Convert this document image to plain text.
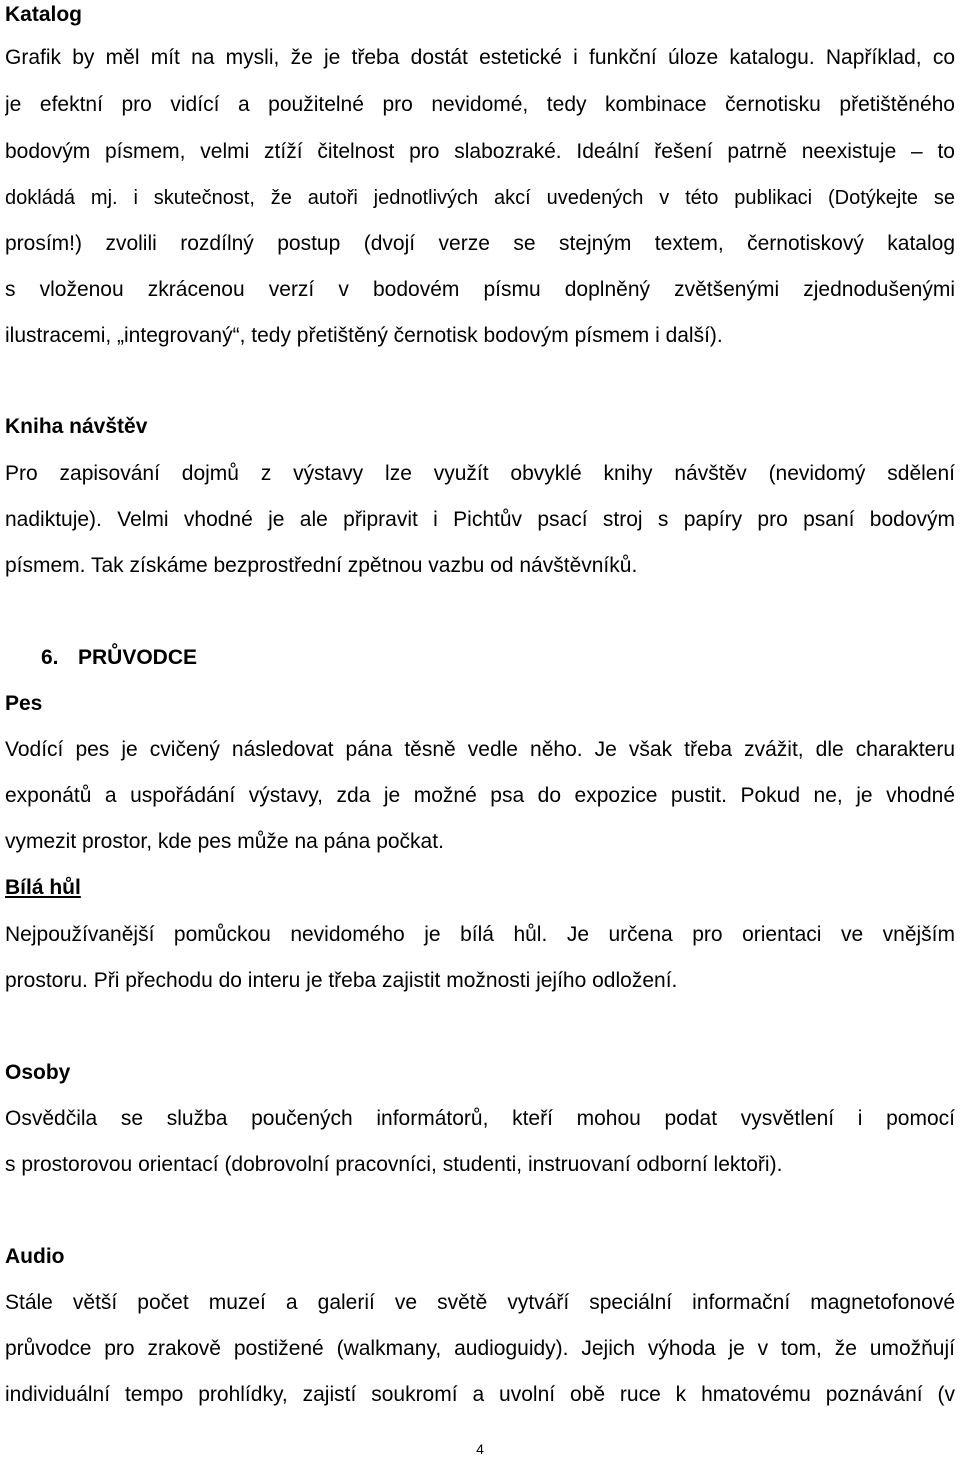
Katalog
Grafik by měl mít na mysli, že je třeba dostát estetické i funkční úloze katalogu. Například, co
je efektní pro vidící a použitelné pro nevidomé, tedy kombinace černotisku přetištěného
bodovým písmem, velmi ztíží čitelnost pro slabozraké. Ideální řešení patrně neexistuje – to
dokládá mj. i skutečnost, že autoři jednotlivých akcí uvedených v této publikaci (Dotýkejte se
prosím!) zvolili rozdílný postup (dvojí verze se stejným textem, černotiskový katalog
s vloženou zkrácenou verzí v bodovém písmu doplněný zvětšenými zjednodušenými
ilustracemi, „integrovaný“, tedy přetištěný černotisk bodovým písmem i další).
Kniha návštěv
Pro zapisování dojmů z výstavy lze využít obvyklé knihy návštěv (nevidomý sdělení
nadiktuje). Velmi vhodné je ale připravit i Pichtův psací stroj s papíry pro psaní bodovým
písmem. Tak získáme bezprostřední zpětnou vazbu od návštěvníků.
6. PRŮVODCE
Pes
Vodící pes je cvičený následovat pána těsně vedle něho. Je však třeba zvážit, dle charakteru
exponátů a uspořádání výstavy, zda je možné psa do expozice pustit. Pokud ne, je vhodné
vymezit prostor, kde pes může na pána počkat.
Bílá hůl
Nejpoužívanější pomůckou nevidomého je bílá hůl. Je určena pro orientaci ve vnějším
prostoru. Při přechodu do interu je třeba zajistit možnosti jejího odložení.
Osoby
Osvědčila se služba poučených informátorů, kteří mohou podat vysvětlení i pomocí
s prostorovou orientací (dobrovolní pracovníci, studenti, instruovaní odborní lektoři).
Audio
Stále větší počet muzeí a galerií ve světě vytváří speciální informační magnetofonové
průvodce pro zrakově postižené (walkmany, audioguidy). Jejich výhoda je v tom, že umožňují
individuální tempo prohlídky, zajistí soukromí a uvolní obě ruce k hmatovému poznávání (v
4
